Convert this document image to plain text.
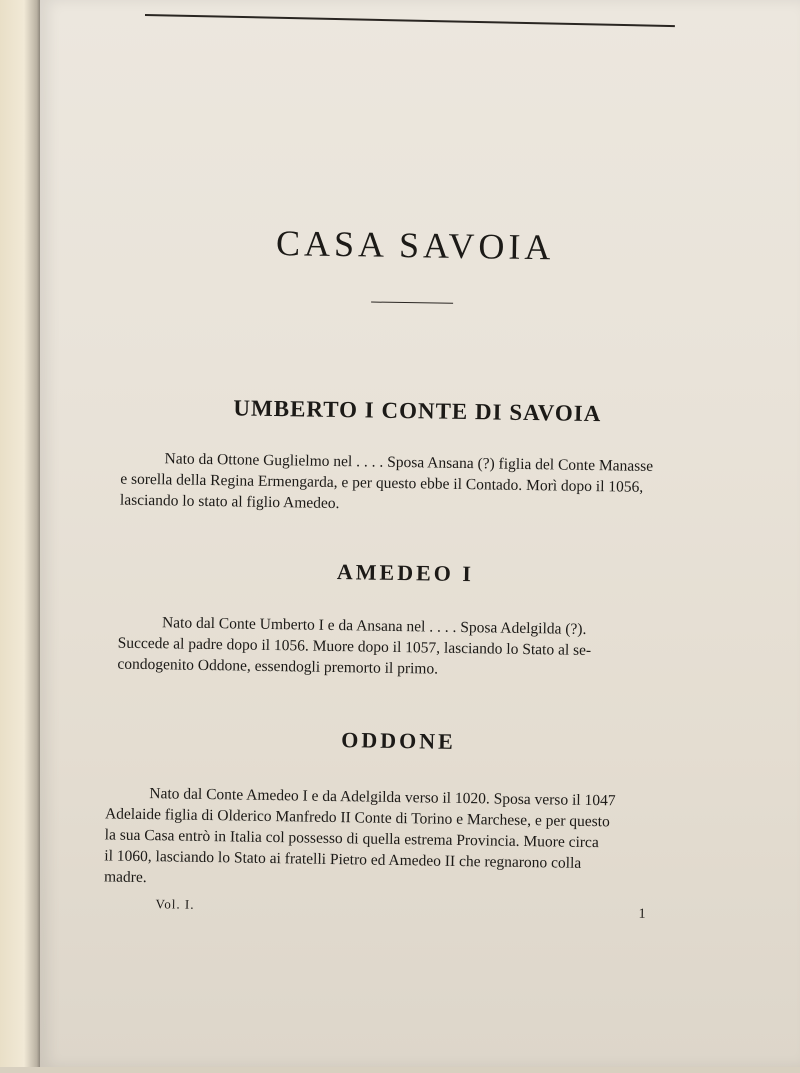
CASA SAVOIA
UMBERTO I CONTE DI SAVOIA
Nato da Ottone Guglielmo nel . . . . Sposa Ansana (?) figlia del Conte Manasse
e sorella della Regina Ermengarda, e per questo ebbe il Contado. Morì dopo il 1056,
lasciando lo stato al figlio Amedeo.
AMEDEO I
Nato dal Conte Umberto I e da Ansana nel . . . . Sposa Adelgilda (?).
Succede al padre dopo il 1056. Muore dopo il 1057, lasciando lo Stato al se-
condogenito Oddone, essendogli premorto il primo.
ODDONE
Nato dal Conte Amedeo I e da Adelgilda verso il 1020. Sposa verso il 1047
Adelaide figlia di Olderico Manfredo II Conte di Torino e Marchese, e per questo
la sua Casa entrò in Italia col possesso di quella estrema Provincia. Muore circa
il 1060, lasciando lo Stato ai fratelli Pietro ed Amedeo II che regnarono colla
madre.
Vol. I.
1
